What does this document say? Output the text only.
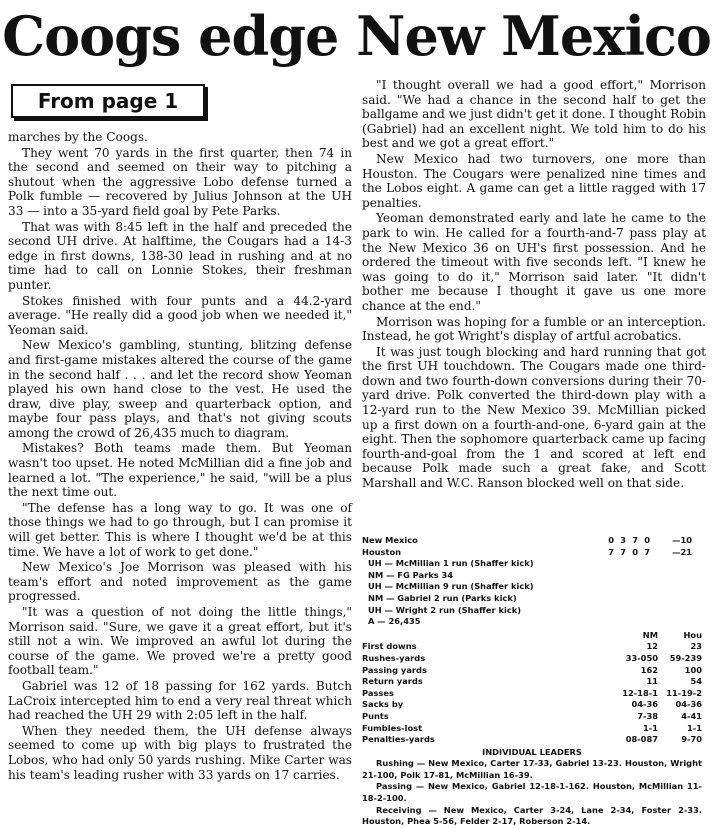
Coogs edge New Mexico
From page 1

marches by the Coogs.

They went 70 yards in the first quarter, then 74 in the second and seemed on their way to pitching a shutout when the aggressive Lobo defense turned a Polk fumble — recovered by Julius Johnson at the UH 33 — into a 35-yard field goal by Pete Parks.

That was with 8:45 left in the half and preceded the second UH drive. At halftime, the Cougars had a 14-3 edge in first downs, 138-30 lead in rushing and at no time had to call on Lonnie Stokes, their freshman punter.

Stokes finished with four punts and a 44.2-yard average. "He really did a good job when we needed it," Yeoman said.

New Mexico's gambling, stunting, blitzing defense and first-game mistakes altered the course of the game in the second half . . . and let the record show Yeoman played his own hand close to the vest. He used the draw, dive play, sweep and quarterback option, and maybe four pass plays, and that's not giving scouts among the crowd of 26,435 much to diagram.

Mistakes? Both teams made them. But Yeoman wasn't too upset. He noted McMillian did a fine job and learned a lot. "The experience," he said, "will be a plus the next time out.

"The defense has a long way to go. It was one of those things we had to go through, but I can promise it will get better. This is where I thought we'd be at this time. We have a lot of work to get done."

New Mexico's Joe Morrison was pleased with his team's effort and noted improvement as the game progressed.

"It was a question of not doing the little things," Morrison said. "Sure, we gave it a great effort, but it's still not a win. We improved an awful lot during the course of the game. We proved we're a pretty good football team."

Gabriel was 12 of 18 passing for 162 yards. Butch LaCroix intercepted him to end a very real threat which had reached the UH 29 with 2:05 left in the half.

When they needed them, the UH defense always seemed to come up with big plays to frustrated the Lobos, who had only 50 yards rushing. Mike Carter was his team's leading rusher with 33 yards on 17 carries.

"I thought overall we had a good effort," Morrison said. "We had a chance in the second half to get the ballgame and we just didn't get it done. I thought Robin (Gabriel) had an excellent night. We told him to do his best and we got a great effort."

New Mexico had two turnovers, one more than Houston. The Cougars were penalized nine times and the Lobos eight. A game can get a little ragged with 17 penalties.

Yeoman demonstrated early and late he came to the park to win. He called for a fourth-and-7 pass play at the New Mexico 36 on UH's first possession. And he ordered the timeout with five seconds left. "I knew he was going to do it," Morrison said later. "It didn't bother me because I thought it gave us one more chance at the end."

Morrison was hoping for a fumble or an interception. Instead, he got Wright's display of artful acrobatics.

It was just tough blocking and hard running that got the first UH touchdown. The Cougars made one third-down and two fourth-down conversions during their 70-yard drive. Polk converted the third-down play with a 12-yard run to the New Mexico 39. McMillian picked up a first down on a fourth-and-one, 6-yard gain at the eight. Then the sophomore quarterback came up facing fourth-and-goal from the 1 and scored at left end because Polk made such a great fake, and Scott Marshall and W.C. Ranson blocked well on that side.

New Mexico	0 3 7 0	—10
Houston	7 7 0 7	—21
UH — McMillian 1 run (Shaffer kick)
NM — FG Parks 34
UH — McMillian 9 run (Shaffer kick)
NM — Gabriel 2 run (Parks kick)
UH — Wright 2 run (Shaffer kick)
A — 26,435
NM	Hou
First downs	12	23
Rushes-yards	33-050	59-239
Passing yards	162	100
Return yards	11	54
Passes	12-18-1 11-19-2
Sacks by	04-36	04-36
Punts	7-38	4-41
Fumbles-lost	1-1	1-1
Penalties-yards	08-087	9-70
INDIVIDUAL LEADERS
Rushing — New Mexico, Carter 17-33, Gabriel 13-23. Houston, Wright 21-100, Polk 17-81, McMillian 16-39.
Passing — New Mexico, Gabriel 12-18-1-162. Houston, McMillian 11-18-2-100.
Receiving — New Mexico, Carter 3-24, Lane 2-34, Foster 2-33. Houston, Phea 5-56, Felder 2-17, Roberson 2-14.
